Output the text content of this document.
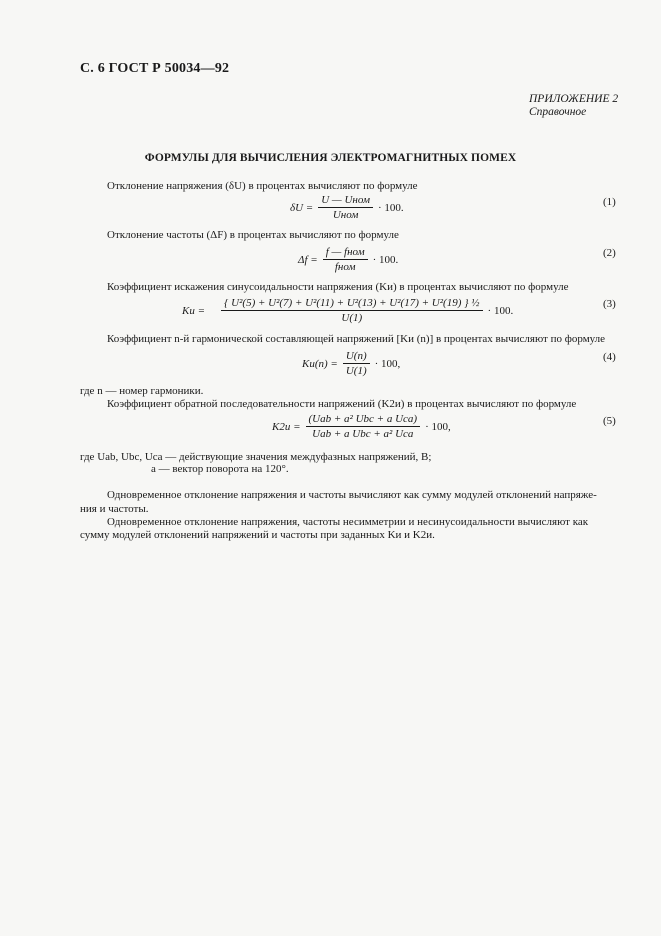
С. 6 ГОСТ Р 50034—92
ПРИЛОЖЕНИЕ 2
Справочное
ФОРМУЛЫ ДЛЯ ВЫЧИСЛЕНИЯ ЭЛЕКТРОМАГНИТНЫХ ПОМЕХ
Отклонение напряжения (δU) в процентах вычисляют по формуле
$\delta U = \frac{\text{U — Uном}}{\text{Uном}} \cdot 100$.	(1)
Отклонение частоты (ΔF) в процентах вычисляют по формуле
$\Delta f = \frac{\text{f — fном}}{\text{fном}} \cdot 100$.
(2)
Коэффициент искажения синусоидальности напряжения (Kи) в процентах вычисляют по формуле
Kи = $\frac{\text{\{ U²(5) + U²(7) + U²(11) + U²(13) + U²(17) + U²(19) \} ½}}{U(1)} \cdot 100$.
(3)
Коэффициент n-й гармонической составляющей напряжений [Kи (n)] в процентах вычисляют по формуле
$Kи(n) = \frac{U(n)}{U(1)} \cdot 100$,
(4)
где n — номер гармоники.
Коэффициент обратной последовательности напряжений (K2и) в процентах вычисляют по формуле
$K2и = \frac{\text{(Uab + a² Ubc + a Uca)}}{\text{Uab + a Ubc + a² Uca}} \cdot 100$,	(5)
где Uab, Ubc, Uca — действующие значения междуфазных напряжений, В;
a — вектор поворота на 120°.
Одновременное отклонение напряжения и частоты вычисляют как сумму модулей отклонений напряже-
ния и частоты.
Одновременное отклонение напряжения, частоты несимметрии и несинусоидальности вычисляют как
сумму модулей отклонений напряжений и частоты при заданных Kи и K2и.
